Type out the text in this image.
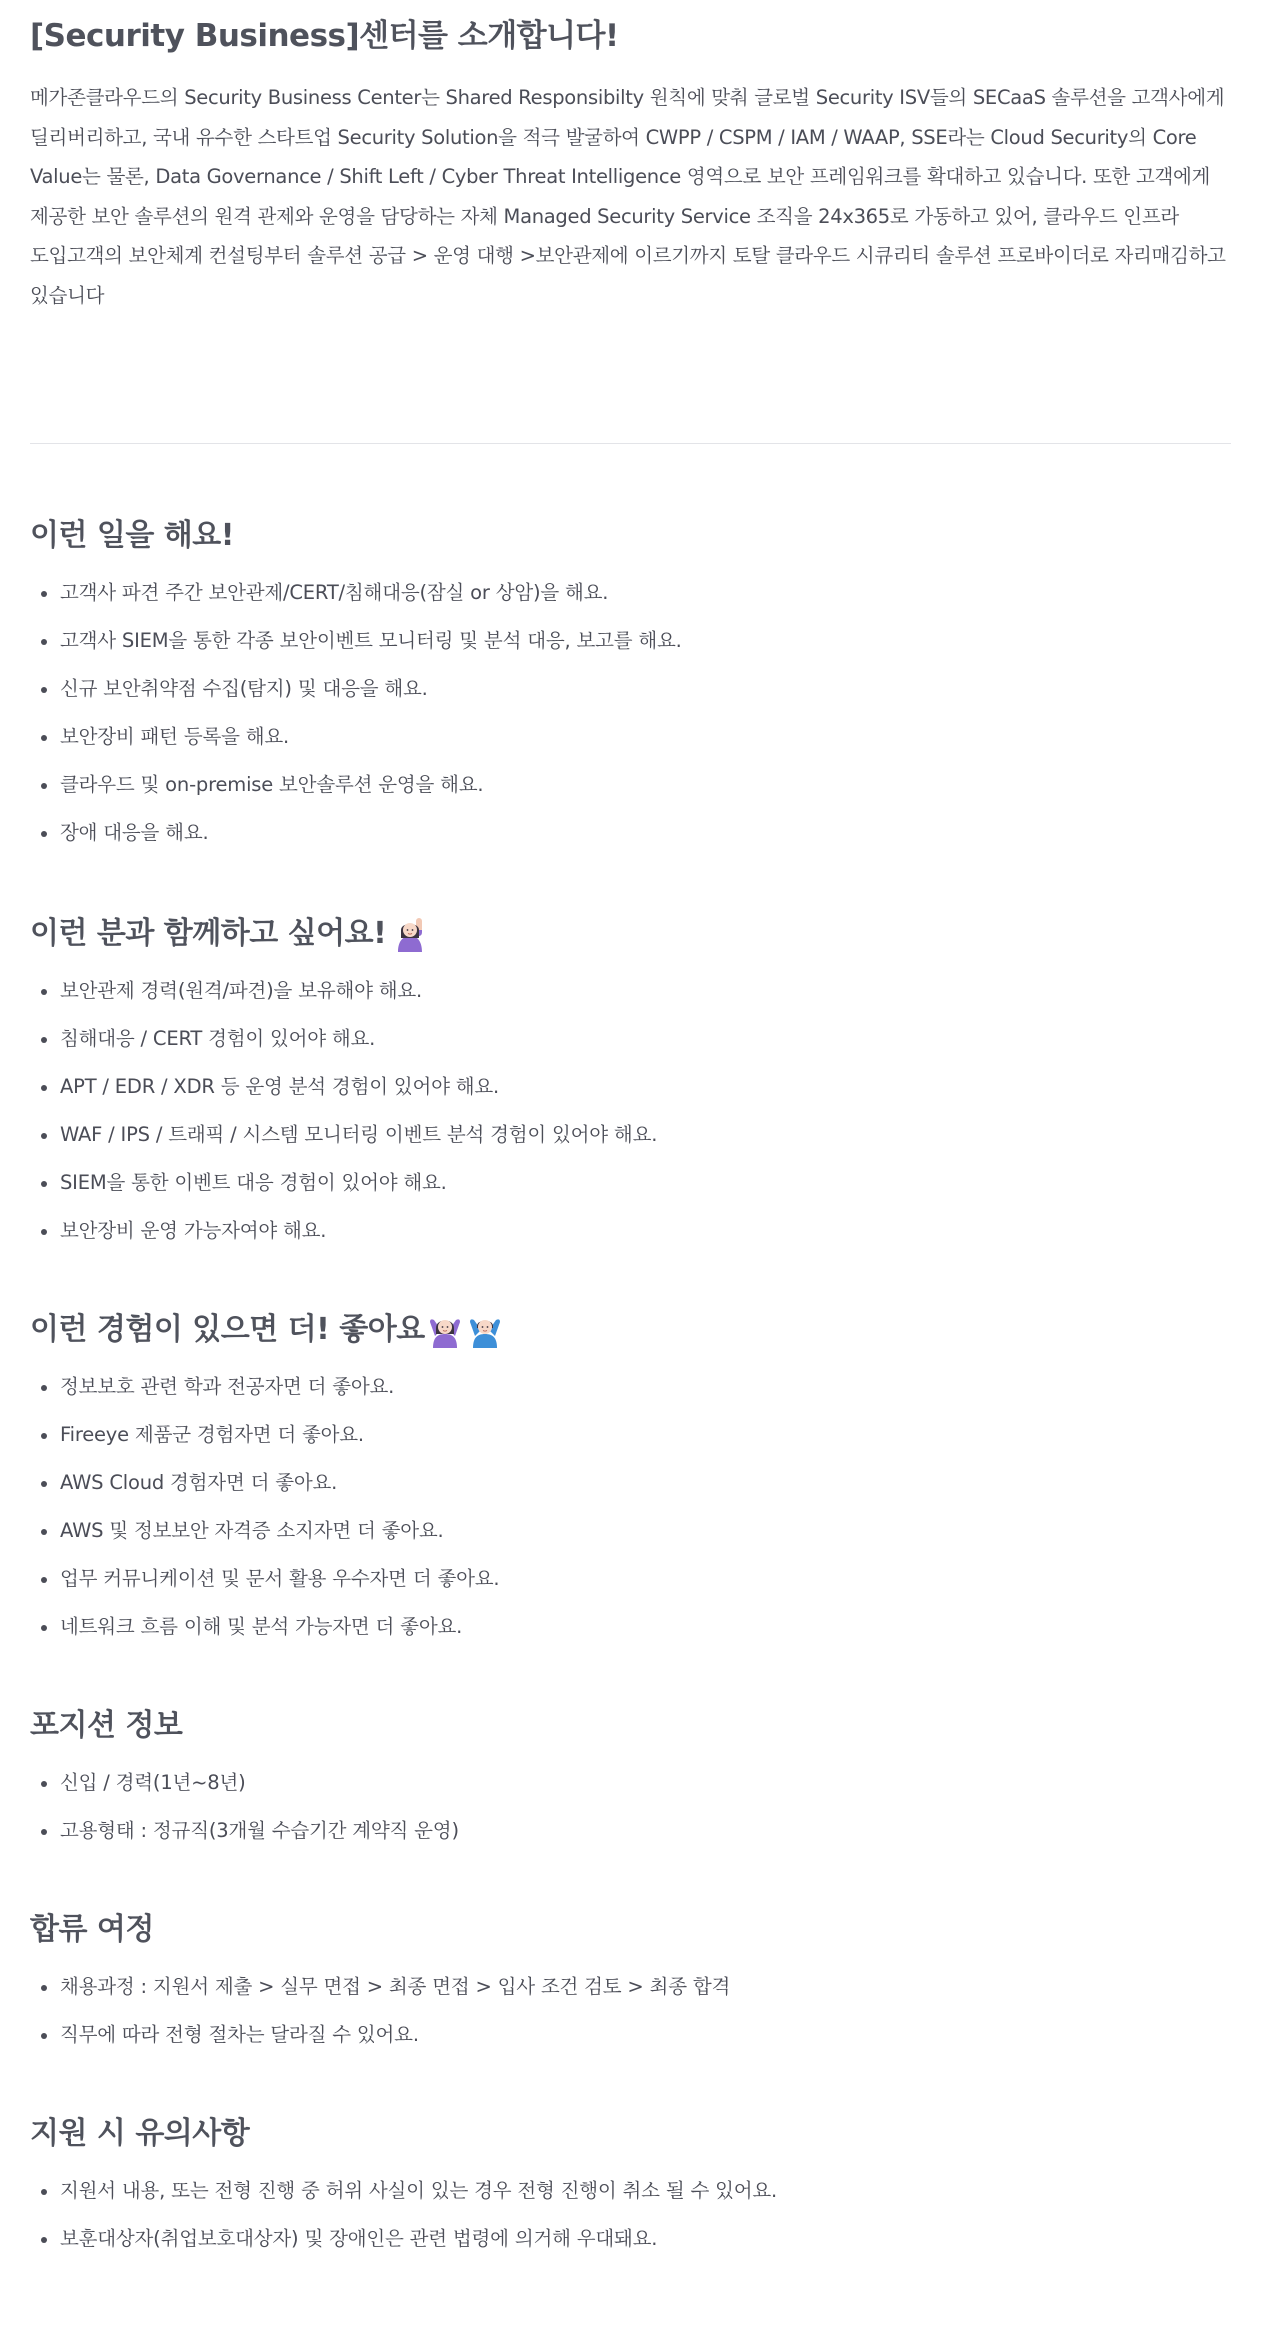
[Security Business]센터를 소개합니다!

메가존클라우드의 Security Business Center는 Shared Responsibilty 원칙에 맞춰 글로벌 Security ISV들의 SECaaS 솔루션을 고객사에게 딜리버리하고, 국내 유수한 스타트업 Security Solution을 적극 발굴하여 CWPP / CSPM / IAM / WAAP, SSE라는 Cloud Security의 Core Value는 물론, Data Governance / Shift Left / Cyber Threat Intelligence 영역으로 보안 프레임워크를 확대하고 있습니다. 또한 고객에게 제공한 보안 솔루션의 원격 관제와 운영을 담당하는 자체 Managed Security Service 조직을 24x365로 가동하고 있어, 클라우드 인프라 도입고객의 보안체계 컨설팅부터 솔루션 공급 > 운영 대행 >보안관제에 이르기까지 토탈 클라우드 시큐리티 솔루션 프로바이더로 자리매김하고 있습니다

이런 일을 해요!
고객사 파견 주간 보안관제/CERT/침해대응(잠실 or 상암)을 해요.
고객사 SIEM을 통한 각종 보안이벤트 모니터링 및 분석 대응, 보고를 해요.
신규 보안취약점 수집(탐지) 및 대응을 해요.
보안장비 패턴 등록을 해요.
클라우드 및 on-premise 보안솔루션 운영을 해요.
장애 대응을 해요.
이런 분과 함께하고 싶어요!
보안관제 경력(원격/파견)을 보유해야 해요.
침해대응 / CERT 경험이 있어야 해요.
APT / EDR / XDR 등 운영 분석 경험이 있어야 해요.
WAF / IPS / 트래픽 / 시스템 모니터링 이벤트 분석 경험이 있어야 해요.
SIEM을 통한 이벤트 대응 경험이 있어야 해요.
보안장비 운영 가능자여야 해요.
이런 경험이 있으면 더! 좋아요
정보보호 관련 학과 전공자면 더 좋아요.
Fireeye 제품군 경험자면 더 좋아요.
AWS Cloud 경험자면 더 좋아요.
AWS 및 정보보안 자격증 소지자면 더 좋아요.
업무 커뮤니케이션 및 문서 활용 우수자면 더 좋아요.
네트워크 흐름 이해 및 분석 가능자면 더 좋아요.
포지션 정보
신입 / 경력(1년~8년)
고용형태 : 정규직(3개월 수습기간 계약직 운영)
합류 여정
채용과정 : 지원서 제출 > 실무 면접 > 최종 면접 > 입사 조건 검토 > 최종 합격
직무에 따라 전형 절차는 달라질 수 있어요.
지원 시 유의사항
지원서 내용, 또는 전형 진행 중 허위 사실이 있는 경우 전형 진행이 취소 될 수 있어요.
보훈대상자(취업보호대상자) 및 장애인은 관련 법령에 의거해 우대돼요.
